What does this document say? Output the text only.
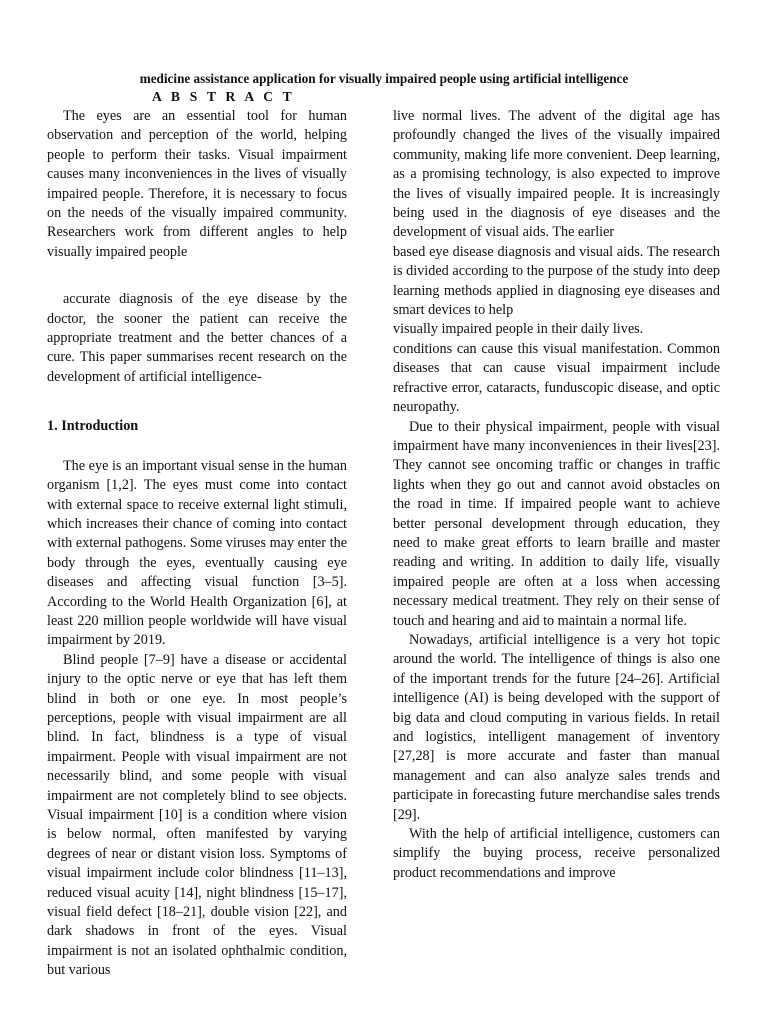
medicine assistance application for visually impaired people using artificial intelligence
A B S T R A C T

The eyes are an essential tool for human observation and perception of the world, helping people to perform their tasks. Visual impairment causes many inconveniences in the lives of visually impaired people. Therefore, it is necessary to focus on the needs of the visually impaired community. Researchers work from different angles to help visually impaired people

accurate diagnosis of the eye disease by the doctor, the sooner the patient can receive the appropriate treatment and the better chances of a cure. This paper summarises recent research on the development of artificial intelligence-

1. Introduction

The eye is an important visual sense in the human organism [1,2]. The eyes must come into contact with external space to receive external light stimuli, which increases their chance of coming into contact with external pathogens. Some viruses may enter the body through the eyes, eventually causing eye diseases and affecting visual function [3–5]. According to the World Health Organization [6], at least 220 million people worldwide will have visual impairment by 2019.

Blind people [7–9] have a disease or accidental injury to the optic nerve or eye that has left them blind in both or one eye. In most people’s perceptions, people with visual impairment are all blind. In fact, blindness is a type of visual impairment. People with visual impairment are not necessarily blind, and some people with visual impairment are not completely blind to see objects. Visual impairment [10] is a condition where vision is below normal, often manifested by varying degrees of near or distant vision loss. Symptoms of visual impairment include color blindness [11–13], reduced visual acuity [14], night blindness [15–17], visual field defect [18–21], double vision [22], and dark shadows in front of the eyes. Visual impairment is not an isolated ophthalmic condition, but various

live normal lives. The advent of the digital age has profoundly changed the lives of the visually impaired community, making life more convenient. Deep learning, as a promising technology, is also expected to improve the lives of visually impaired people. It is increasingly being used in the diagnosis of eye diseases and the development of visual aids. The earlier

based eye disease diagnosis and visual aids. The research is divided according to the purpose of the study into deep learning methods applied in diagnosing eye diseases and smart devices to help

visually impaired people in their daily lives.

conditions can cause this visual manifestation. Common diseases that can cause visual impairment include refractive error, cataracts, funduscopic disease, and optic neuropathy.

Due to their physical impairment, people with visual impairment have many inconveniences in their lives[23]. They cannot see oncoming traffic or changes in traffic lights when they go out and cannot avoid obstacles on the road in time. If impaired people want to achieve better personal development through education, they need to make great efforts to learn braille and master reading and writing. In addition to daily life, visually impaired people are often at a loss when accessing necessary medical treatment. They rely on their sense of touch and hearing and aid to maintain a normal life.

Nowadays, artificial intelligence is a very hot topic around the world. The intelligence of things is also one of the important trends for the future [24–26]. Artificial intelligence (AI) is being developed with the support of big data and cloud computing in various fields. In retail and logistics, intelligent management of inventory [27,28] is more accurate and faster than manual management and can also analyze sales trends and participate in forecasting future merchandise sales trends [29].

With the help of artificial intelligence, customers can simplify the buying process, receive personalized product recommendations and improve
